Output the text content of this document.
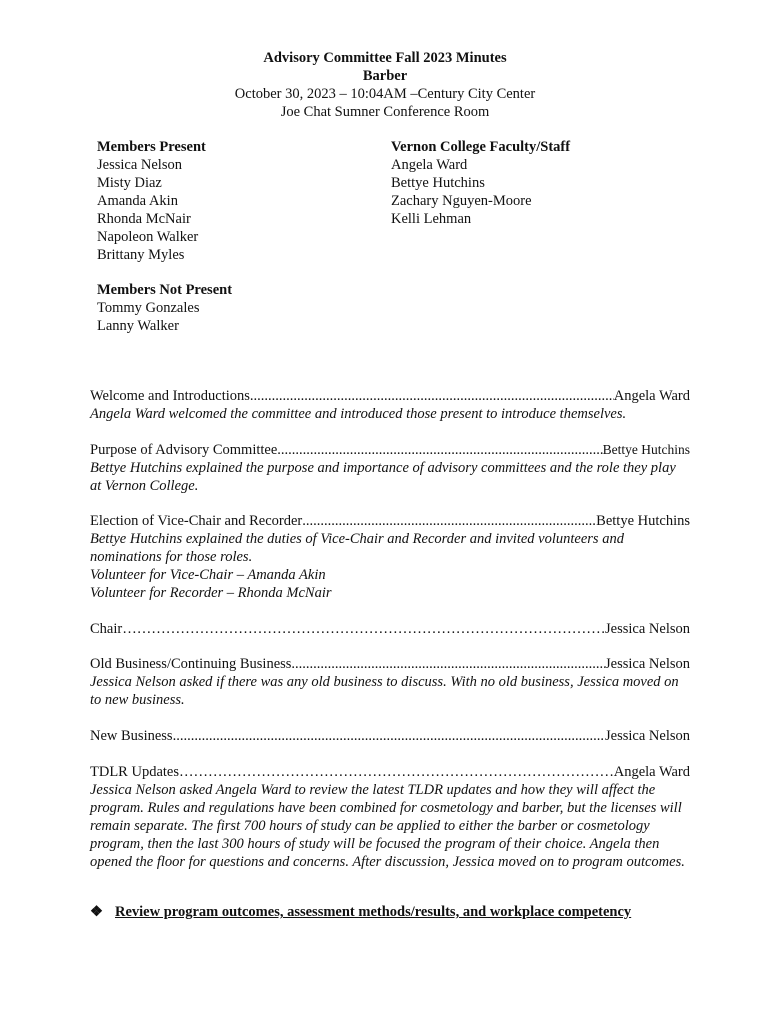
Advisory Committee Fall 2023 Minutes
Barber
October 30, 2023 – 10:04AM –Century City Center
Joe Chat Sumner Conference Room
Members Present
Jessica Nelson
Misty Diaz
Amanda Akin
Rhonda McNair
Napoleon Walker
Brittany Myles
Vernon College Faculty/Staff
Angela Ward
Bettye Hutchins
Zachary Nguyen-Moore
Kelli Lehman
Members Not Present
Tommy Gonzales
Lanny Walker
Welcome and Introductions .....	Angela Ward
Angela Ward welcomed the committee and introduced those present to introduce themselves.
Purpose of Advisory Committee .....	Bettye Hutchins
Bettye Hutchins explained the purpose and importance of advisory committees and the role they play at Vernon College.
Election of Vice-Chair and Recorder .....	Bettye Hutchins
Bettye Hutchins explained the duties of Vice-Chair and Recorder and invited volunteers and nominations for those roles.
Volunteer for Vice-Chair – Amanda Akin
Volunteer for Recorder – Rhonda McNair
Chair ……………………………………………………………………………………………………………………	Jessica Nelson
Old Business/Continuing Business .....	Jessica Nelson
Jessica Nelson asked if there was any old business to discuss. With no old business, Jessica moved on to new business.
New Business .....	Jessica Nelson
TDLR Updates ……………………………………………………………………………………………………………………	Angela Ward
Jessica Nelson asked Angela Ward to review the latest TLDR updates and how they will affect the program. Rules and regulations have been combined for cosmetology and barber, but the licenses will remain separate. The first 700 hours of study can be applied to either the barber or cosmetology program, then the last 300 hours of study will be focused the program of their choice. Angela then opened the floor for questions and concerns. After discussion, Jessica moved on to program outcomes.
❖ Review program outcomes, assessment methods/results, and workplace competency
